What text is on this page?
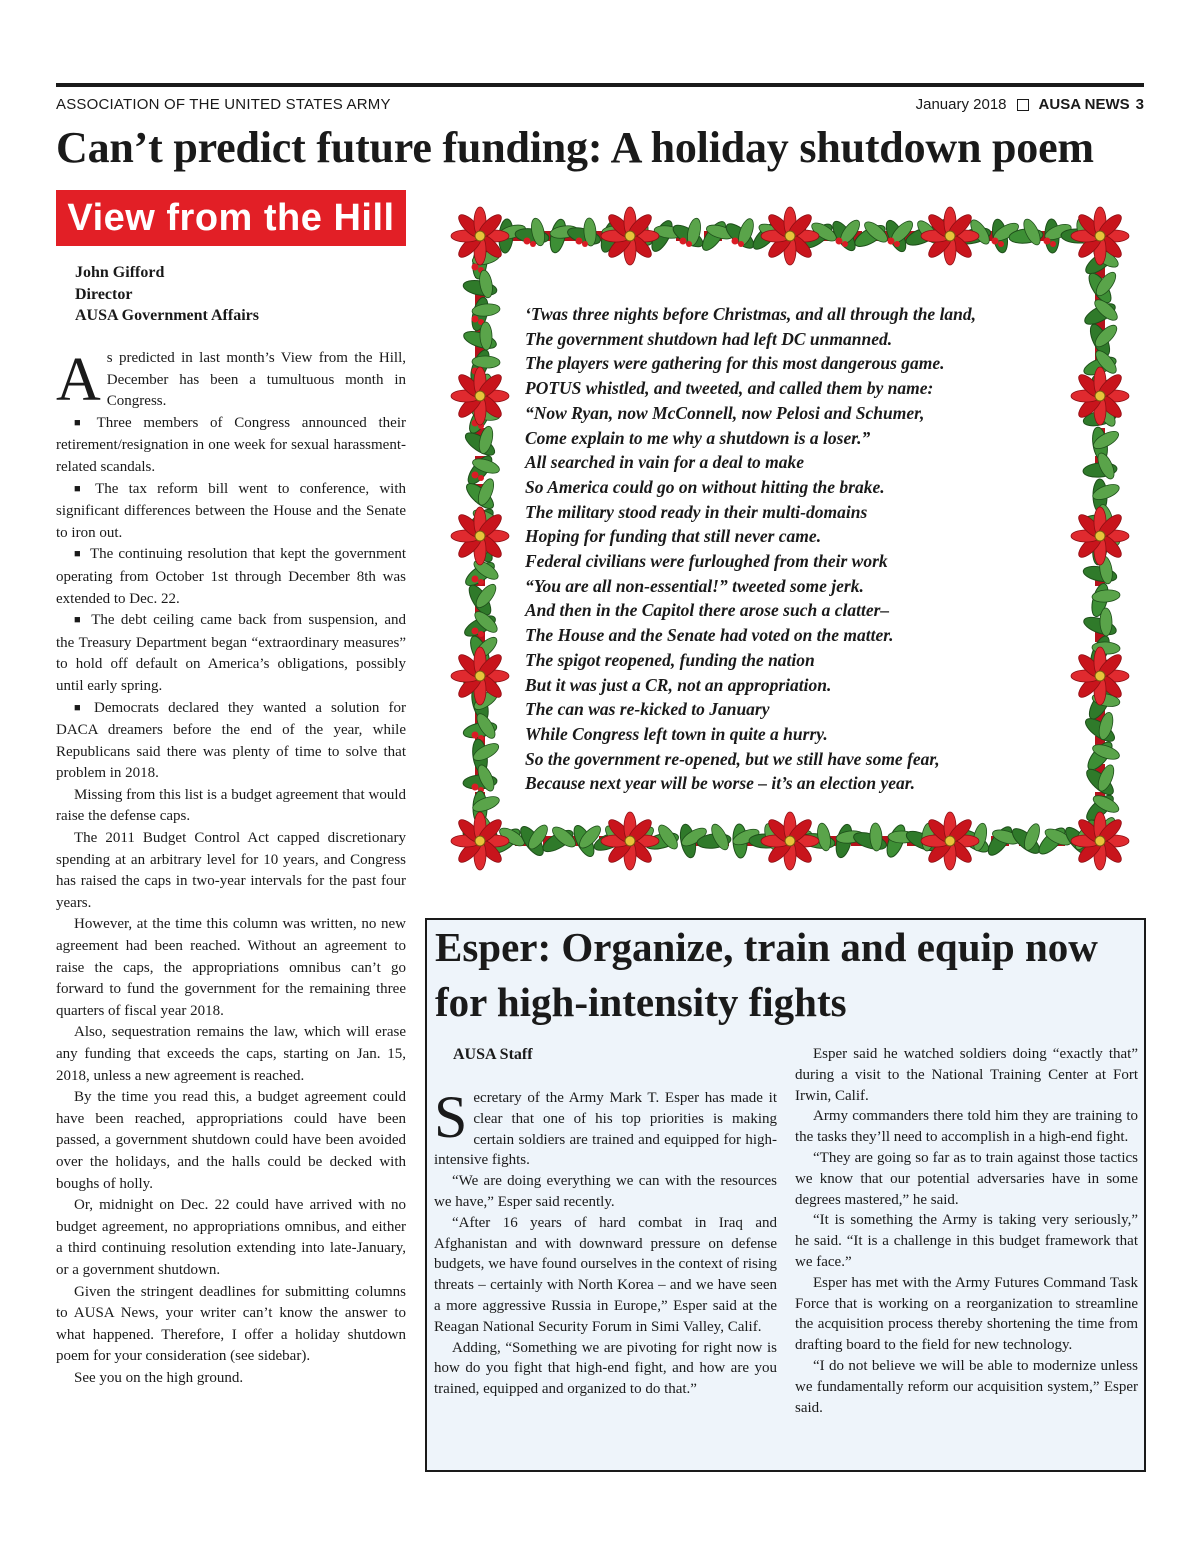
ASSOCIATION OF THE UNITED STATES ARMY	January 2018 AUSA NEWS 3
Can’t predict future funding: A holiday shutdown poem
View from the Hill
John Gifford
Director
AUSA Government Affairs

As predicted in last month’s View from the Hill, December has been a tumultuous month in Congress.

■ Three members of Congress announced their retirement/resignation in one week for sexual harassment-related scandals.

■ The tax reform bill went to conference, with significant differences between the House and the Senate to iron out.

■ The continuing resolution that kept the government operating from October 1st through December 8th was extended to Dec. 22.

■ The debt ceiling came back from suspension, and the Treasury Department began “extraordinary measures” to hold off default on America’s obligations, possibly until early spring.

■ Democrats declared they wanted a solution for DACA dreamers before the end of the year, while Republicans said there was plenty of time to solve that problem in 2018.

Missing from this list is a budget agreement that would raise the defense caps.

The 2011 Budget Control Act capped discretionary spending at an arbitrary level for 10 years, and Congress has raised the caps in two-year intervals for the past four years.

However, at the time this column was written, no new agreement had been reached. Without an agreement to raise the caps, the appropriations omnibus can’t go forward to fund the government for the remaining three quarters of fiscal year 2018.

Also, sequestration remains the law, which will erase any funding that exceeds the caps, starting on Jan. 15, 2018, unless a new agreement is reached.

By the time you read this, a budget agreement could have been reached, appropriations could have been passed, a government shutdown could have been avoided over the holidays, and the halls could be decked with boughs of holly.

Or, midnight on Dec. 22 could have arrived with no budget agreement, no appropriations omnibus, and either a third continuing resolution extending into late-January, or a government shutdown.

Given the stringent deadlines for submitting columns to AUSA News, your writer can’t know the answer to what happened. Therefore, I offer a holiday shutdown poem for your consideration (see sidebar).

See you on the high ground.

‘Twas three nights before Christmas, and all through the land,
The government shutdown had left DC unmanned.
The players were gathering for this most dangerous game.
POTUS whistled, and tweeted, and called them by name:
“Now Ryan, now McConnell, now Pelosi and Schumer,
Come explain to me why a shutdown is a loser.”
All searched in vain for a deal to make
So America could go on without hitting the brake.
The military stood ready in their multi-domains
Hoping for funding that still never came.
Federal civilians were furloughed from their work
“You are all non-essential!” tweeted some jerk.
And then in the Capitol there arose such a clatter–
The House and the Senate had voted on the matter.
The spigot reopened, funding the nation
But it was just a CR, not an appropriation.
The can was re-kicked to January
While Congress left town in quite a hurry.
So the government re-opened, but we still have some fear,
Because next year will be worse – it’s an election year.
Esper: Organize, train and equip now for high-intensity fights
AUSA Staff

Secretary of the Army Mark T. Esper has made it clear that one of his top priorities is making certain soldiers are trained and equipped for high-intensive fights.

“We are doing everything we can with the resources we have,” Esper said recently.

“After 16 years of hard combat in Iraq and Afghanistan and with downward pressure on defense budgets, we have found ourselves in the context of rising threats – certainly with North Korea – and we have seen a more aggressive Russia in Europe,” Esper said at the Reagan National Security Forum in Simi Valley, Calif.

Adding, “Something we are pivoting for right now is how do you fight that high-end fight, and how are you trained, equipped and organized to do that.”

Esper said he watched soldiers doing “exactly that” during a visit to the National Training Center at Fort Irwin, Calif.

Army commanders there told him they are training to the tasks they’ll need to accomplish in a high-end fight.

“They are going so far as to train against those tactics we know that our potential adversaries have in some degrees mastered,” he said.

“It is something the Army is taking very seriously,” he said. “It is a challenge in this budget framework that we face.”

Esper has met with the Army Futures Command Task Force that is working on a reorganization to streamline the acquisition process thereby shortening the time from drafting board to the field for new technology.

“I do not believe we will be able to modernize unless we fundamentally reform our acquisition system,” Esper said.
